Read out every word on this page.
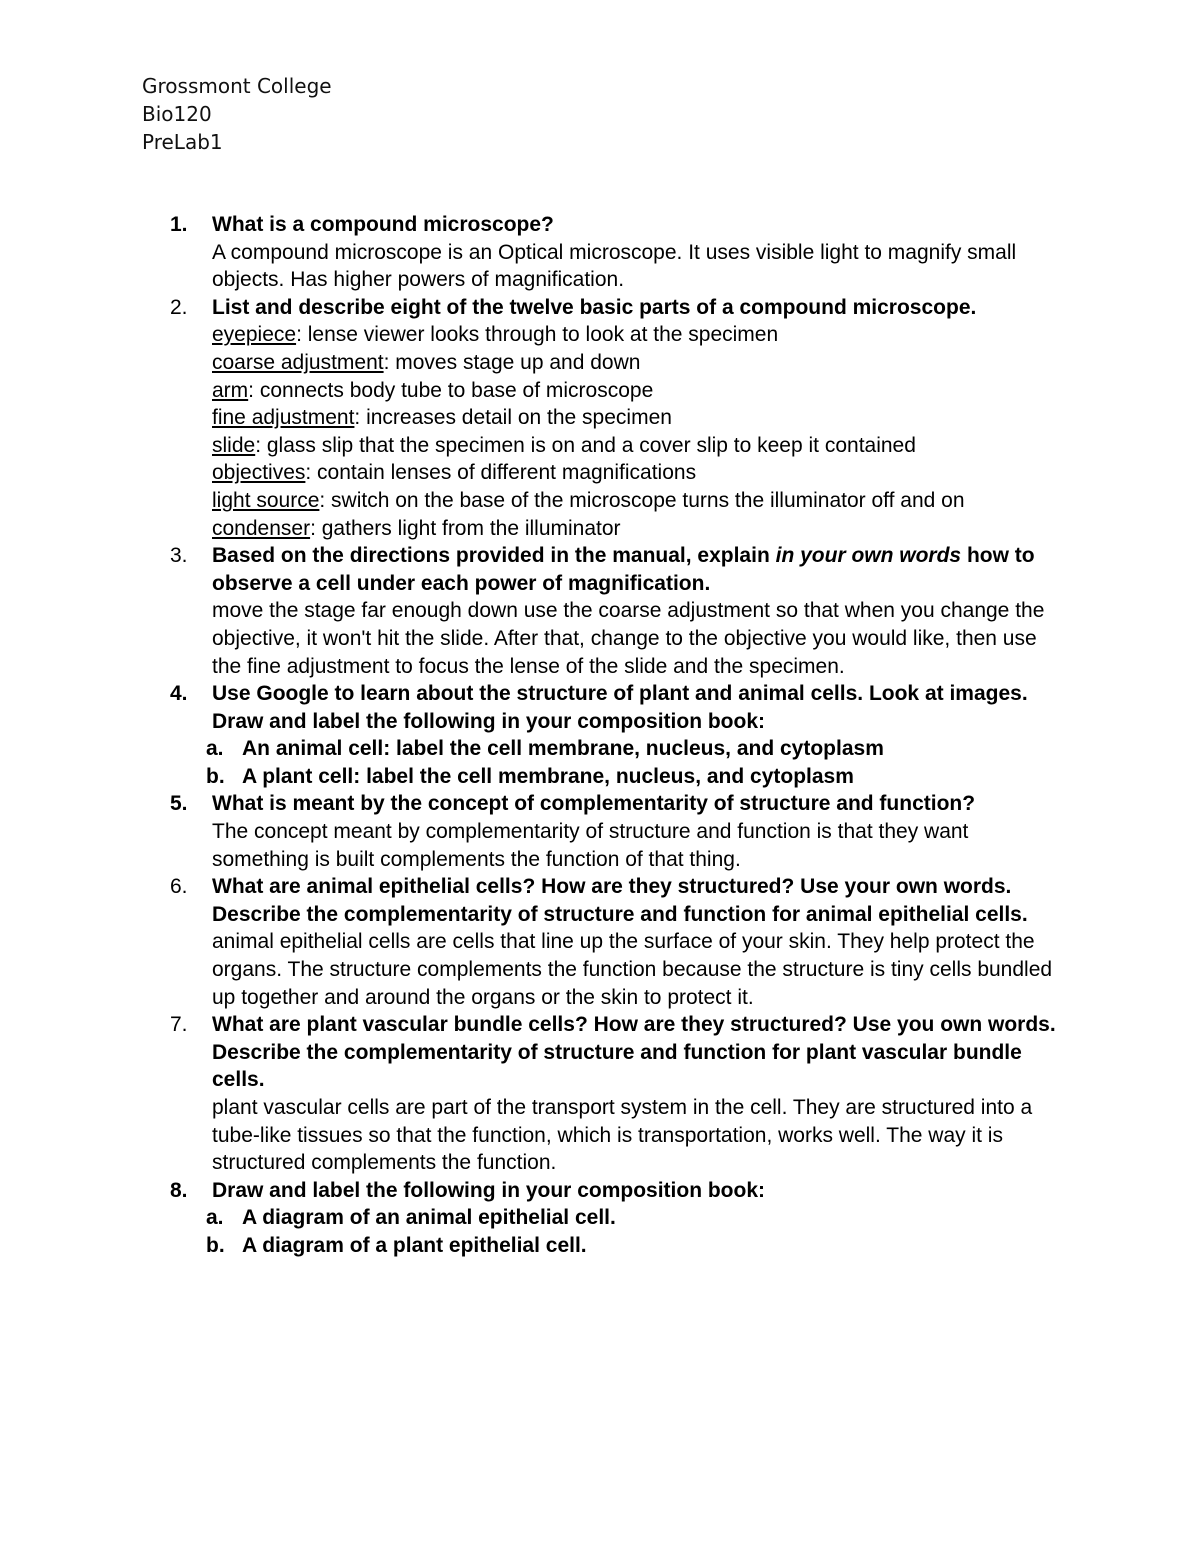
Grossmont College
Bio120
PreLab1
1.	What is a compound microscope?
A compound microscope is an Optical microscope. It uses visible light to magnify small objects. Has higher powers of magnification.
2.	List and describe eight of the twelve basic parts of a compound microscope.
eyepiece: lense viewer looks through to look at the specimen
coarse adjustment: moves stage up and down
arm: connects body tube to base of microscope
fine adjustment: increases detail on the specimen
slide: glass slip that the specimen is on and a cover slip to keep it contained
objectives: contain lenses of different magnifications
light source: switch on the base of the microscope turns the illuminator off and on
condenser: gathers light from the illuminator
3.	Based on the directions provided in the manual, explain in your own words how to observe a cell under each power of magnification.
move the stage far enough down use the coarse adjustment so that when you change the objective, it won't hit the slide. After that, change to the objective you would like, then use the fine adjustment to focus the lense of the slide and the specimen.
4.	Use Google to learn about the structure of plant and animal cells. Look at images. Draw and label the following in your composition book:
a. An animal cell: label the cell membrane, nucleus, and cytoplasm
b. A plant cell: label the cell membrane, nucleus, and cytoplasm
5.	What is meant by the concept of complementarity of structure and function?
The concept meant by complementarity of structure and function is that they want something is built complements the function of that thing.
6.	What are animal epithelial cells? How are they structured? Use your own words. Describe the complementarity of structure and function for animal epithelial cells.
animal epithelial cells are cells that line up the surface of your skin. They help protect the organs. The structure complements the function because the structure is tiny cells bundled up together and around the organs or the skin to protect it.
7.	What are plant vascular bundle cells? How are they structured? Use you own words. Describe the complementarity of structure and function for plant vascular bundle cells.
plant vascular cells are part of the transport system in the cell. They are structured into a tube-like tissues so that the function, which is transportation, works well. The way it is structured complements the function.
8.	Draw and label the following in your composition book:
a. A diagram of an animal epithelial cell.
b. A diagram of a plant epithelial cell.
